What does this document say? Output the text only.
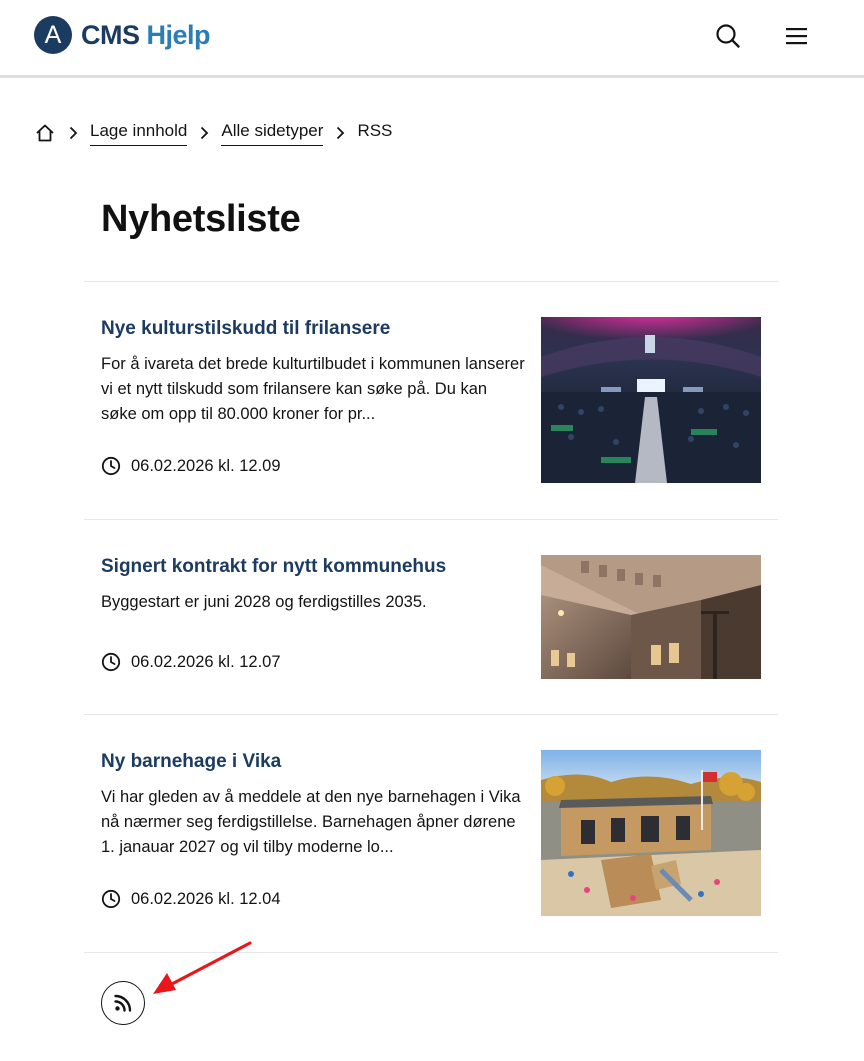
A CMS Hjelp
Lage innhold Alle sidetyper RSS
Nyhetsliste
Nye kulturstilskudd til frilansere

For å ivareta det brede kulturtilbudet i kommunen lanserer vi et nytt tilskudd som frilansere kan søke på. Du kan søke om opp til 80.000 kroner for pr...

06.02.2026 kl. 12.09
Signert kontrakt for nytt kommunehus

Byggestart er juni 2028 og ferdigstilles 2035.

06.02.2026 kl. 12.07
Ny barnehage i Vika

Vi har gleden av å meddele at den nye barnehagen i Vika nå nærmer seg ferdigstillelse. Barnehagen åpner dørene 1. janauar 2027 og vil tilby moderne lo...

06.02.2026 kl. 12.04
